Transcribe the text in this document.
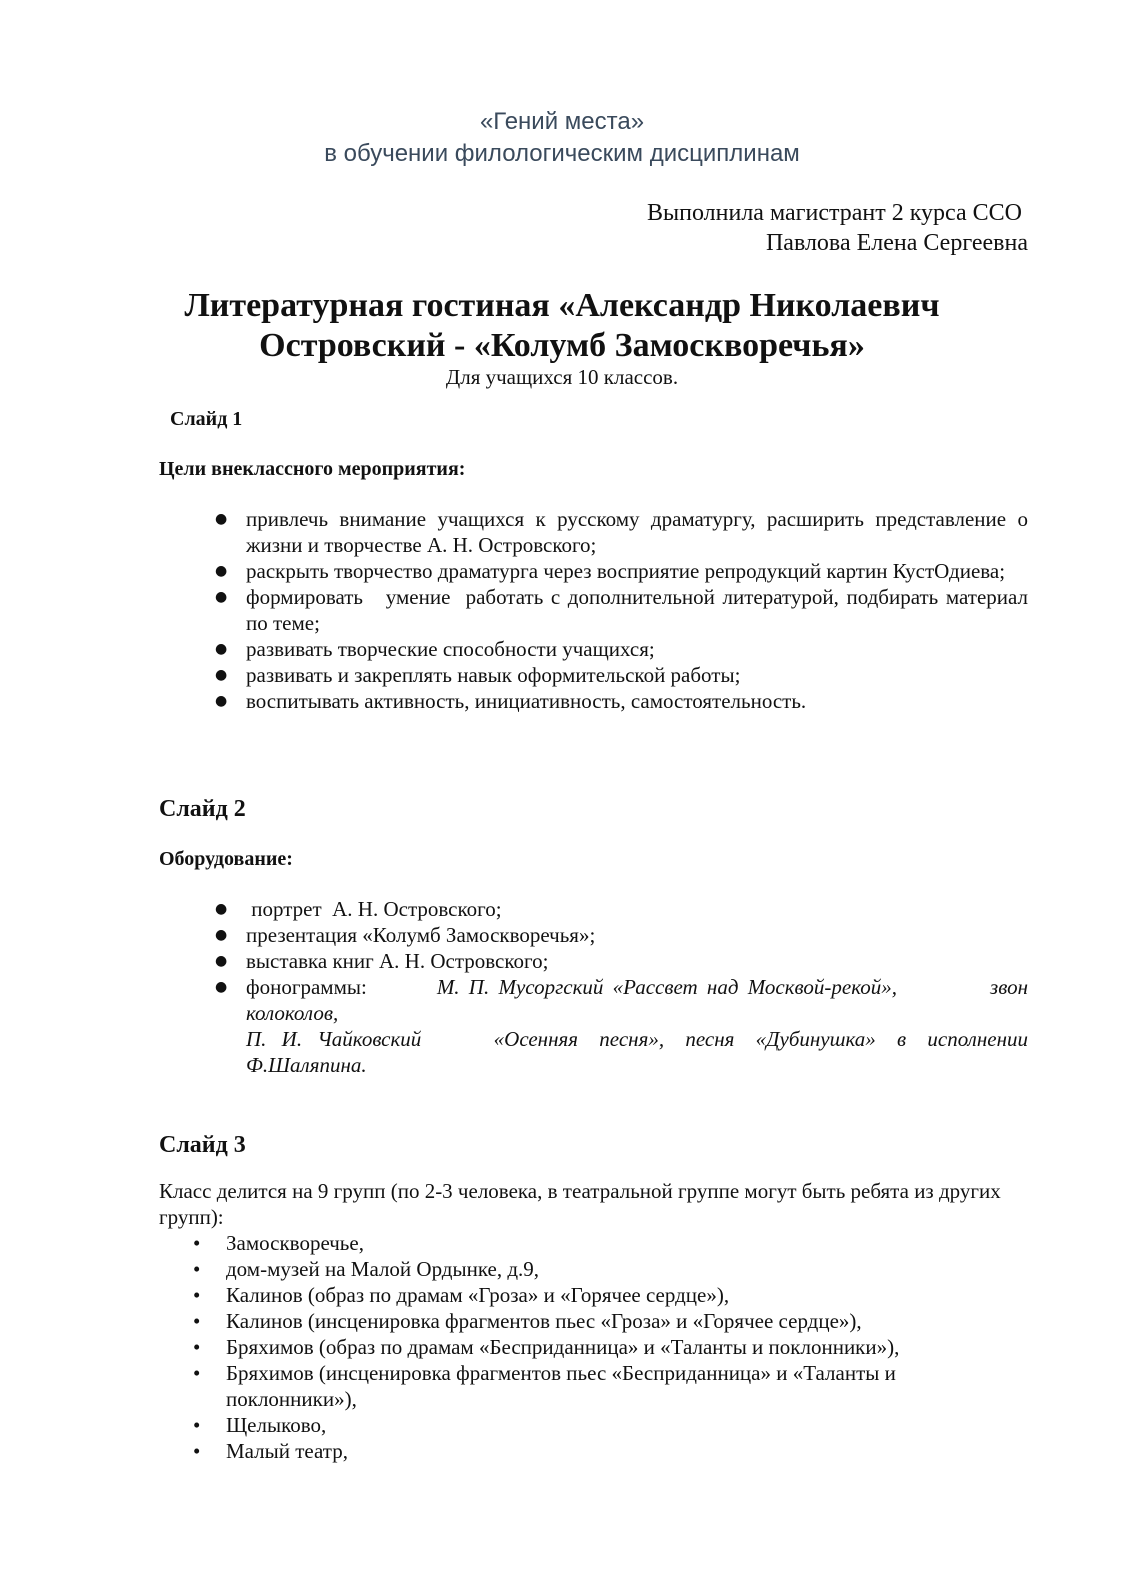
«Гений места»
в обучении филологическим дисциплинам
Выполнила магистрант 2 курса ССО
Павлова Елена Сергеевна
Литературная гостиная «Александр Николаевич
Островский - «Колумб Замоскворечья»
Для учащихся 10 классов.
Слайд 1
Цели внеклассного мероприятия:
● привлечь внимание учащихся к русскому драматургу, расширить представление о жизни и творчестве А. Н. Островского;
● раскрыть творчество драматурга через восприятие репродукций картин КустОдиева;
● формировать   умение  работать с дополнительной литературой, подбирать материал по теме;
● развивать творческие способности учащихся;
● развивать и закреплять навык оформительской работы;
● воспитывать активность, инициативность, самостоятельность.
Слайд 2
Оборудование:
● портрет  А. Н. Островского;
● презентация «Колумб Замоскворечья»;
● выставка книг А. Н. Островского;
● фонограммы:	М. П. Мусоргский «Рассвет над Москвой-рекой»,	звон
колоколов,
П. И. Чайковский	«Осенняя песня», песня «Дубинушка» в исполнении
Ф.Шаляпина.
Слайд 3
Класс делится на 9 групп (по 2-3 человека, в театральной группе могут быть ребята из других групп):
• Замоскворечье,
• дом-музей на Малой Ордынке, д.9,
• Калинов (образ по драмам «Гроза» и «Горячее сердце»),
• Калинов (инсценировка фрагментов пьес «Гроза» и «Горячее сердце»),
• Бряхимов (образ по драмам «Бесприданница» и «Таланты и поклонники»),
• Бряхимов (инсценировка фрагментов пьес «Бесприданница» и «Таланты и поклонники»),
• Щелыково,
• Малый театр,
